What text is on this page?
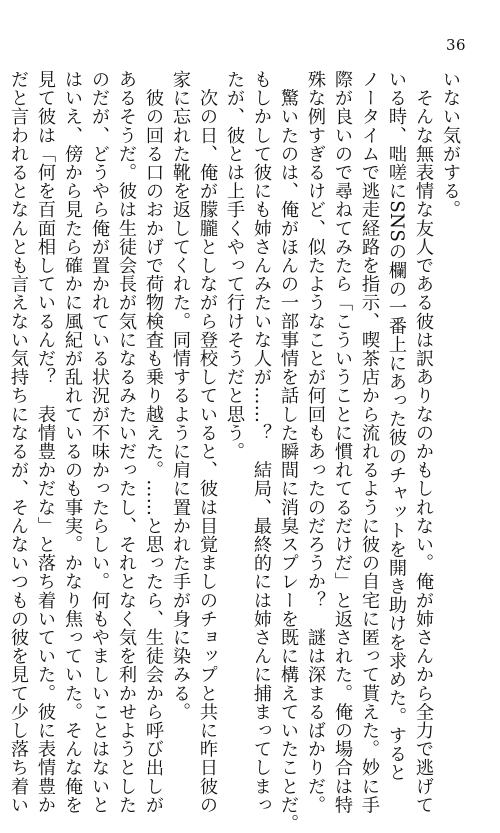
36
いない気がする。
　そんな無表情な友人である彼は訳ありなのかもしれない。俺が姉さんから全力で逃げて
いる時、咄嗟にSNSの欄の一番上にあった彼のチャットを開き助けを求めた。すると
ノータイムで逃走経路を指示、喫茶店から流れるように彼の自宅に匿って貰えた。妙に手
際が良いので尋ねてみたら「こういうことに慣れてるだけだ」と返された。俺の場合は特
殊な例すぎるけど、似たようなことが何回もあったのだろうか？　謎は深まるばかりだ。
　驚いたのは、俺がほんの一部事情を話した瞬間に消臭スプレーを既に構えていたことだ。
もしかして彼にも姉さんみたいな人が……？　結局、最終的には姉さんに捕まってしまっ
たが、彼とは上手くやって行けそうだと思う。
　次の日、俺が朦朧としながら登校していると、彼は目覚ましのチョップと共に昨日彼の
家に忘れた靴を返してくれた。同情するように肩に置かれた手が身に染みる。
　彼の回る口のおかげで荷物検査も乗り越えた。……と思ったら、生徒会から呼び出しが
あるそうだ。彼は生徒会長が気になるみたいだったし、それとなく気を利かせようとした
のだが、どうやら俺が置かれている状況が不味かったらしい。何もやましいことはないと
はいえ、傍から見たら確かに風紀が乱れているのも事実。かなり焦っていた。そんな俺を
見て彼は「何を百面相しているんだ？　表情豊かだな」と落ち着いていた。彼に表情豊か
だと言われるとなんとも言えない気持ちになるが、そんないつもの彼を見て少し落ち着い
